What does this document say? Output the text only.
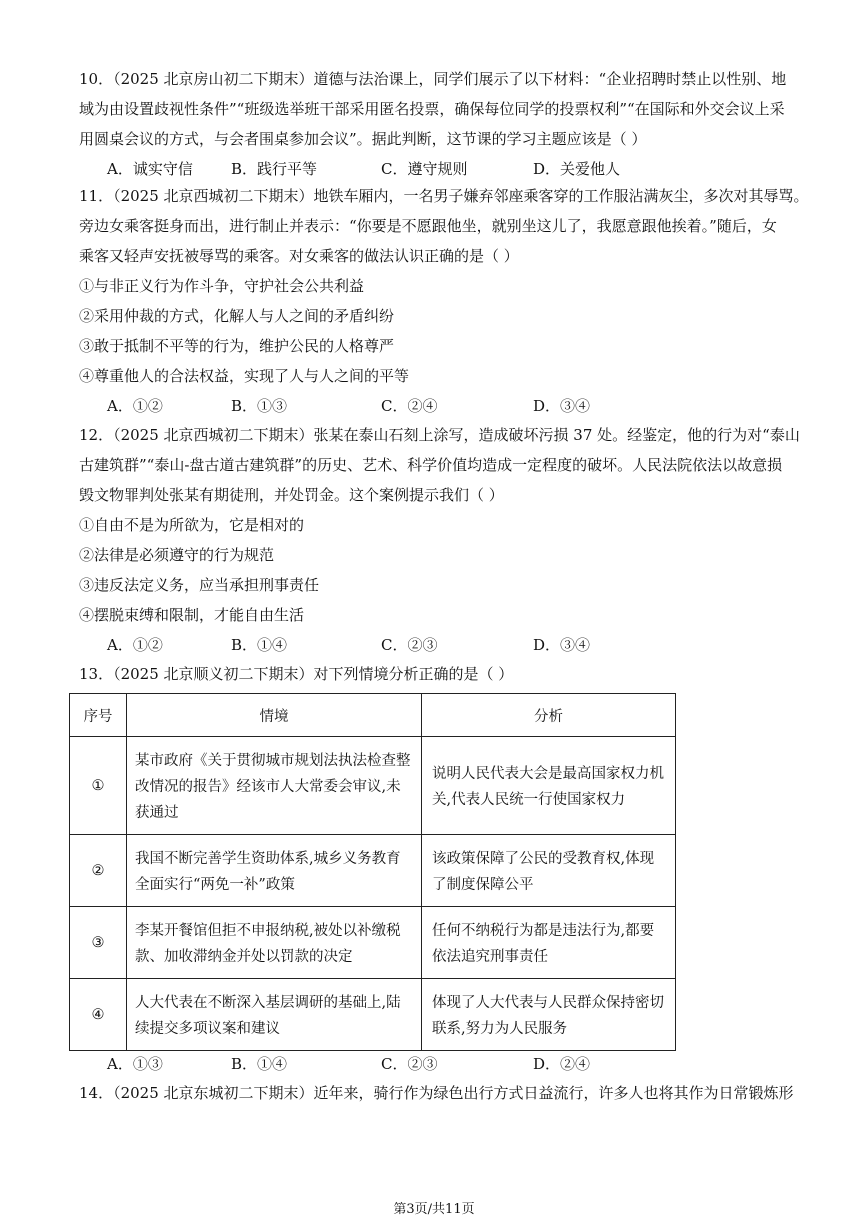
10．（2025 北京房山初二下期末）道德与法治课上，同学们展示了以下材料：“企业招聘时禁止以性别、地
域为由设置歧视性条件”“班级选举班干部采用匿名投票，确保每位同学的投票权利”“在国际和外交会议上采
用圆桌会议的方式，与会者围桌参加会议”。据此判断，这节课的学习主题应该是（ ）
A．诚实守信	B．践行平等	C．遵守规则	D．关爱他人
11．（2025 北京西城初二下期末）地铁车厢内，一名男子嫌弃邻座乘客穿的工作服沾满灰尘，多次对其辱骂。
旁边女乘客挺身而出，进行制止并表示：“你要是不愿跟他坐，就别坐这儿了，我愿意跟他挨着。”随后，女
乘客又轻声安抚被辱骂的乘客。对女乘客的做法认识正确的是（ ）
①与非正义行为作斗争，守护社会公共利益
②采用仲裁的方式，化解人与人之间的矛盾纠纷
③敢于抵制不平等的行为，维护公民的人格尊严
④尊重他人的合法权益，实现了人与人之间的平等
A．①②	B．①③	C．②④	D．③④
12．（2025 北京西城初二下期末）张某在泰山石刻上涂写，造成破坏污损 37 处。经鉴定，他的行为对“泰山
古建筑群”“泰山-盘古道古建筑群”的历史、艺术、科学价值均造成一定程度的破坏。人民法院依法以故意损
毁文物罪判处张某有期徒刑，并处罚金。这个案例提示我们（ ）
①自由不是为所欲为，它是相对的
②法律是必须遵守的行为规范
③违反法定义务，应当承担刑事责任
④摆脱束缚和限制，才能自由生活
A．①②	B．①④	C．②③	D．③④
13．（2025 北京顺义初二下期末）对下列情境分析正确的是（ ）
序号	情境	分析
①	某市政府《关于贯彻城市规划法执法检查整改情况的报告》经该市人大常委会审议,未获通过	说明人民代表大会是最高国家权力机关,代表人民统一行使国家权力
②	我国不断完善学生资助体系,城乡义务教育全面实行“两免一补”政策	该政策保障了公民的受教育权,体现了制度保障公平
③	李某开餐馆但拒不申报纳税,被处以补缴税款、加收滞纳金并处以罚款的决定	任何不纳税行为都是违法行为,都要依法追究刑事责任
④	人大代表在不断深入基层调研的基础上,陆续提交多项议案和建议	体现了人大代表与人民群众保持密切联系,努力为人民服务
A．①③	B．①④	C．②③	D．②④
14．（2025 北京东城初二下期末）近年来，骑行作为绿色出行方式日益流行，许多人也将其作为日常锻炼形
第3页/共11页
